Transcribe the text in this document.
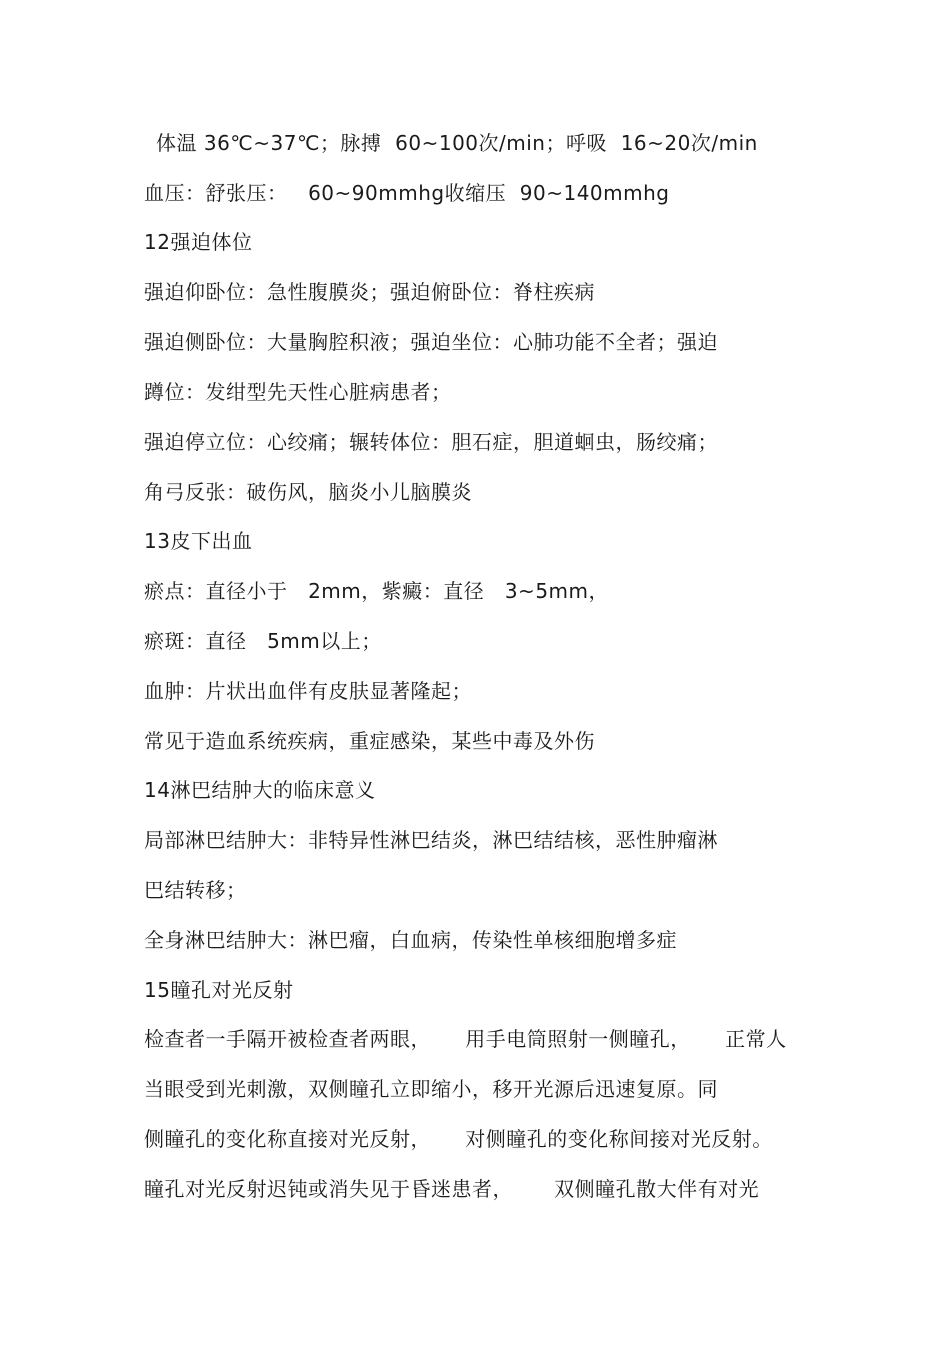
体温 36℃~37℃；脉搏  60~100次/min；呼吸  16~20次/min
血压：舒张压：   60~90mmhg收缩压  90~140mmhg
12强迫体位
强迫仰卧位：急性腹膜炎；强迫俯卧位：脊柱疾病
强迫侧卧位：大量胸腔积液；强迫坐位：心肺功能不全者；强迫
蹲位：发绀型先天性心脏病患者；
强迫停立位：心绞痛；辗转体位：胆石症，胆道蛔虫，肠绞痛；
角弓反张：破伤风，脑炎小儿脑膜炎
13皮下出血
瘀点：直径小于   2mm，紫癜：直径   3~5mm，
瘀斑：直径   5mm以上；
血肿：片状出血伴有皮肤显著隆起；
常见于造血系统疾病，重症感染，某些中毒及外伤
14淋巴结肿大的临床意义
局部淋巴结肿大：非特异性淋巴结炎，淋巴结结核，恶性肿瘤淋
巴结转移；
全身淋巴结肿大：淋巴瘤，白血病，传染性单核细胞增多症
15瞳孔对光反射
检查者一手隔开被检查者两眼，     用手电筒照射一侧瞳孔，     正常人
当眼受到光刺激，双侧瞳孔立即缩小，移开光源后迅速复原。同
侧瞳孔的变化称直接对光反射，     对侧瞳孔的变化称间接对光反射。
瞳孔对光反射迟钝或消失见于昏迷患者，      双侧瞳孔散大伴有对光
